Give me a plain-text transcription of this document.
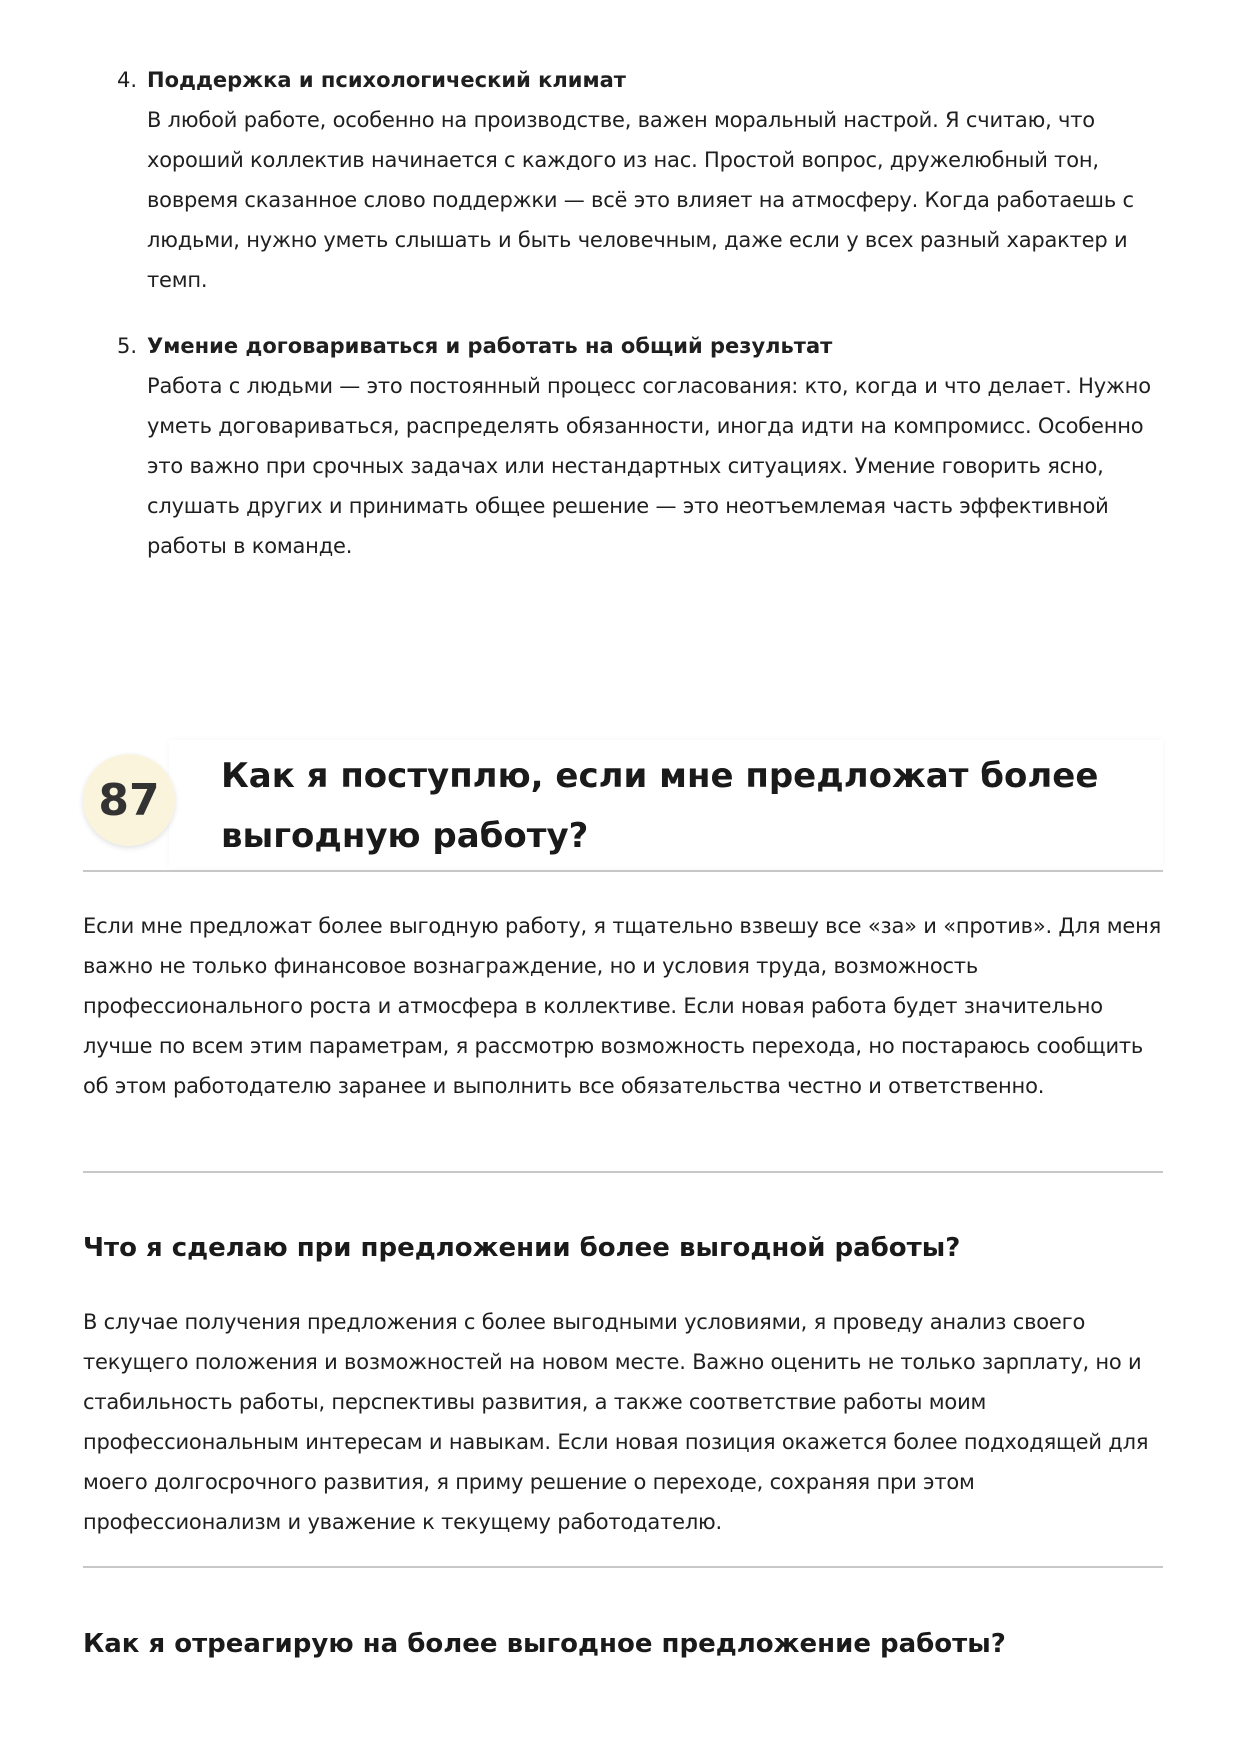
4. Поддержка и психологический климат
В любой работе, особенно на производстве, важен моральный настрой. Я считаю, что хороший коллектив начинается с каждого из нас. Простой вопрос, дружелюбный тон, вовремя сказанное слово поддержки — всё это влияет на атмосферу. Когда работаешь с людьми, нужно уметь слышать и быть человечным, даже если у всех разный характер и темп.
5. Умение договариваться и работать на общий результат
Работа с людьми — это постоянный процесс согласования: кто, когда и что делает. Нужно уметь договариваться, распределять обязанности, иногда идти на компромисс. Особенно это важно при срочных задачах или нестандартных ситуациях. Умение говорить ясно, слушать других и принимать общее решение — это неотъемлемая часть эффективной работы в команде.
87	Как я поступлю, если мне предложат более выгодную работу?
Если мне предложат более выгодную работу, я тщательно взвешу все «за» и «против». Для меня важно не только финансовое вознаграждение, но и условия труда, возможность профессионального роста и атмосфера в коллективе. Если новая работа будет значительно лучше по всем этим параметрам, я рассмотрю возможность перехода, но постараюсь сообщить об этом работодателю заранее и выполнить все обязательства честно и ответственно.
Что я сделаю при предложении более выгодной работы?
В случае получения предложения с более выгодными условиями, я проведу анализ своего текущего положения и возможностей на новом месте. Важно оценить не только зарплату, но и стабильность работы, перспективы развития, а также соответствие работы моим профессиональным интересам и навыкам. Если новая позиция окажется более подходящей для моего долгосрочного развития, я приму решение о переходе, сохраняя при этом профессионализм и уважение к текущему работодателю.
Как я отреагирую на более выгодное предложение работы?
